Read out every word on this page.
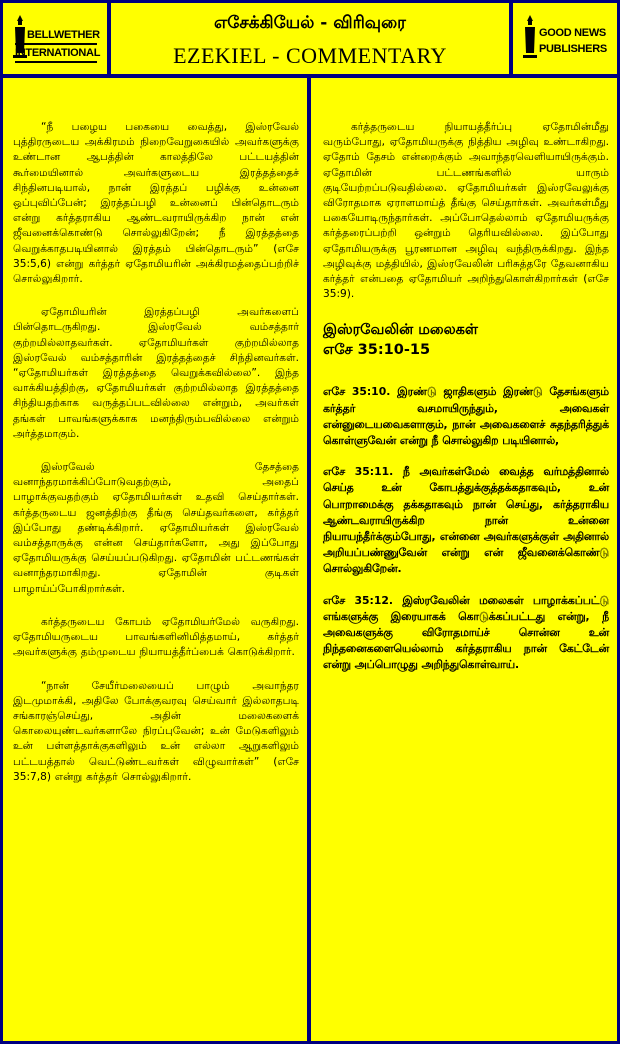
BELLWETHER
INTERNATIONAL
எசேக்கியேல் - விரிவுரை
EZEKIEL - COMMENTARY
GOOD NEWS
PUBLISHERS

“நீ பழைய பகையை வைத்து, இஸ்ரவேல் புத்திரருடைய அக்கிரமம் நிறைவேறுகையில் அவர்களுக்கு உண்டான ஆபத்தின் காலத்திலே பட்டயத்தின் கூர்மையினால் அவர்களுடைய இரத்தத்தைச் சிந்தினபடியால், நான் இரத்தப் பழிக்கு உன்னை ஒப்புவிப்பேன்; இரத்தப்பழி உன்னைப் பின்தொடரும் என்று கர்த்தராகிய ஆண்டவராயிருக்கிற நான் என் ஜீவனைக்கொண்டு சொல்லுகிறேன்; நீ இரத்தத்தை வெறுக்காதபடியினால் இரத்தம் பின்தொடரும்” (எசே 35:5,6) என்று கர்த்தர் ஏதோமியரின் அக்கிரமத்தைப்பற்றிச் சொல்லுகிறார்.

ஏதோமியரின் இரத்தப்பழி அவர்களைப் பின்தொடருகிறது. இஸ்ரவேல் வம்சத்தார் குற்றமில்லாதவர்கள். ஏதோமியர்கள் குற்றமில்லாத இஸ்ரவேல் வம்சத்தாரின் இரத்தத்தைச் சிந்தினவர்கள். “ஏதோமியர்கள் இரத்தத்தை வெறுக்கவில்லை”. இந்த வாக்கியத்திற்கு, ஏதோமியர்கள் குற்றமில்லாத இரத்தத்தை சிந்தியதற்காக வருத்தப்படவில்லை என்றும், அவர்கள் தங்கள் பாவங்களுக்காக மனந்திரும்பவில்லை என்றும் அர்த்தமாகும்.

இஸ்ரவேல் தேசத்தை வனாந்தரமாக்கிப்போடுவதற்கும், அதைப் பாழாக்குவதற்கும் ஏதோமியர்கள் உதவி செய்தார்கள். கர்த்தருடைய ஜனத்திற்கு தீங்கு செய்தவர்களை, கர்த்தர் இப்போது தண்டிக்கிறார். ஏதோமியர்கள் இஸ்ரவேல் வம்சத்தாருக்கு என்ன செய்தார்களோ, அது இப்போது ஏதோமியருக்கு செய்யப்படுகிறது. ஏதோமின் பட்டணங்கள் வனாந்தரமாகிறது. ஏதோமின் குடிகள் பாழாய்ப்போகிறார்கள்.

கர்த்தருடைய கோபம் ஏதோமியர்மேல் வருகிறது. ஏதோமியருடைய பாவங்களினிமித்தமாய், கர்த்தர் அவர்களுக்கு தம்முடைய நியாயத்தீர்ப்பைக் கொடுக்கிறார்.

“நான் சேயீர்மலையைப் பாழும் அவாந்தர இடமுமாக்கி, அதிலே போக்குவரவு செய்வார் இல்லாதபடி சங்காரஞ்செய்து, அதின் மலைகளைக் கொலையுண்டவர்களாலே நிரப்புவேன்; உன் மேடுகளிலும் உன் பள்ளத்தாக்குகளிலும் உன் எல்லா ஆறுகளிலும் பட்டயத்தால் வெட்டுண்டவர்கள் விழுவார்கள்” (எசே 35:7,8) என்று கர்த்தர் சொல்லுகிறார்.

கர்த்தருடைய நியாயத்தீர்ப்பு ஏதோமின்மீது வரும்போது, ஏதோமியருக்கு நித்திய அழிவு உண்டாகிறது. ஏதோம் தேசம் என்றைக்கும் அவாந்தரவெளியாயிருக்கும். ஏதோமின் பட்டணங்களில் யாரும் குடியேற்றப்படுவதில்லை. ஏதோமியர்கள் இஸ்ரவேலுக்கு விரோதமாக ஏராளமாய்த் தீங்கு செய்தார்கள். அவர்கள்மீது பகையோடிருந்தார்கள். அப்போதெல்லாம் ஏதோமியருக்கு கர்த்தரைப்பற்றி ஒன்றும் தெரியவில்லை. இப்போது ஏதோமியருக்கு பூரணமான அழிவு வந்திருக்கிறது. இந்த அழிவுக்கு மத்தியில், இஸ்ரவேலின் பரிசுத்தரே தேவனாகிய கர்த்தர் என்பதை ஏதோமியர் அறிந்துகொள்கிறார்கள் (எசே 35:9).

இஸ்ரவேலின் மலைகள்
எசே 35:10-15

எசே 35:10. இரண்டு ஜாதிகளும் இரண்டு தேசங்களும் கர்த்தர் வசமாயிருந்தும், அவைகள் என்னுடையவைகளாகும், நான் அவைகளைச் சுதந்தரித்துக் கொள்ளுவேன் என்று நீ சொல்லுகிற படியினால்,

எசே 35:11. நீ அவர்கள்மேல் வைத்த வர்மத்தினால் செய்த உன் கோபத்துக்குத்தக்கதாகவும், உன் பொறாமைக்கு தக்கதாகவும் நான் செய்து, கர்த்தராகிய ஆண்டவராயிருக்கிற நான் உன்னை நியாயந்தீர்க்கும்போது, என்னை அவர்களுக்குள் அதினால் அறியப்பண்ணுவேன் என்று என் ஜீவனைக்கொண்டு சொல்லுகிறேன்.

எசே 35:12. இஸ்ரவேலின் மலைகள் பாழாக்கப்பட்டு எங்களுக்கு இரையாகக் கொடுக்கப்பட்டது என்று, நீ அவைகளுக்கு விரோதமாய்ச் சொன்ன உன் நிந்தனைகளையெல்லாம் கர்த்தராகிய நான் கேட்டேன் என்று அப்பொழுது அறிந்துகொள்வாய்.
